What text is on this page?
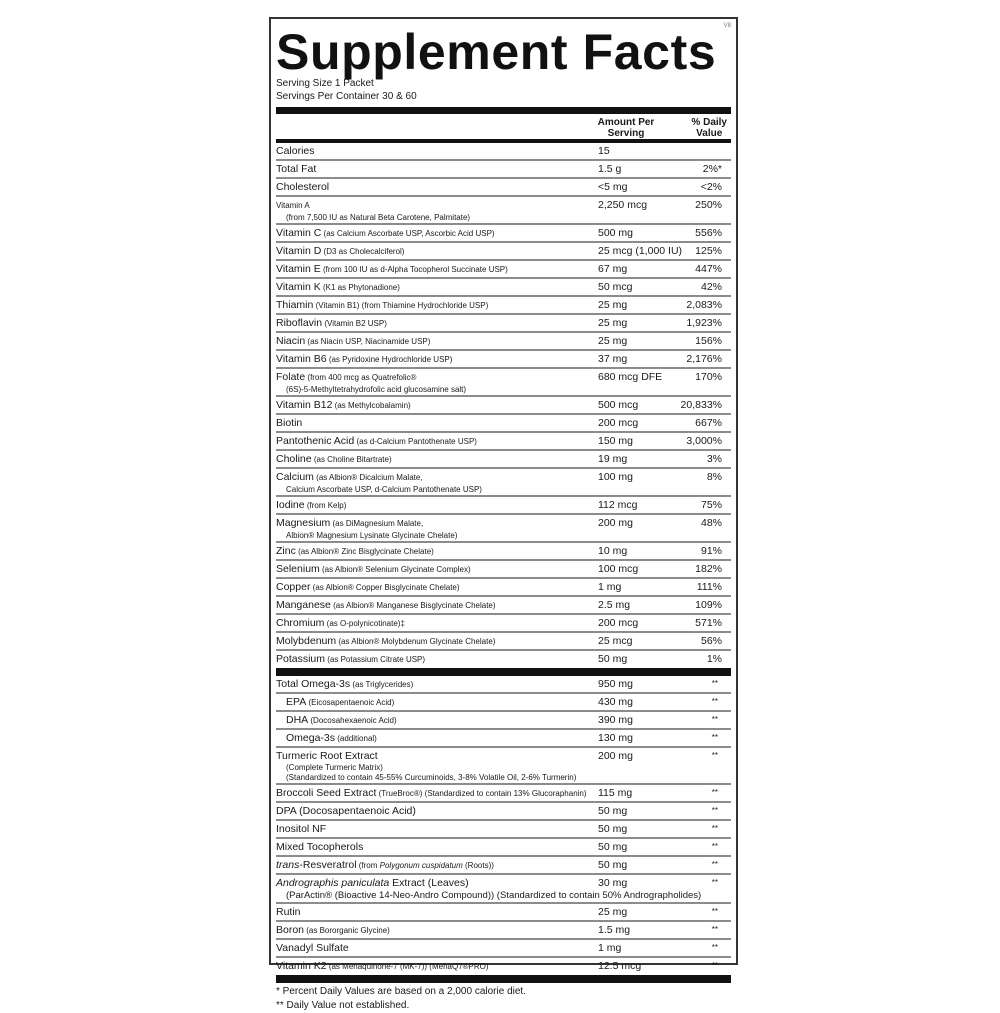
V8
Supplement Facts
Serving Size 1 Packet
Servings Per Container 30 & 60
Amount Per
Serving
% Daily
Value
Calories	15
Total Fat	1.5 g	2%*
Cholesterol	<5 mg	<2%
Vitamin A
(from 7,500 IU as Natural Beta Carotene, Palmitate)
2,250 mcg	250%
Vitamin C (as Calcium Ascorbate USP, Ascorbic Acid USP)	500 mg	556%
Vitamin D (D3 as Cholecalciferol)	25 mcg (1,000 IU) 125%
Vitamin E (from 100 IU as d-Alpha Tocopherol Succinate USP)	67 mg	447%
Vitamin K (K1 as Phytonadione)	50 mcg	42%
Thiamin (Vitamin B1) (from Thiamine Hydrochloride USP)	25 mg	2,083%
Riboflavin (Vitamin B2 USP)	25 mg	1,923%
Niacin (as Niacin USP, Niacinamide USP)	25 mg	156%
Vitamin B6 (as Pyridoxine Hydrochloride USP)	37 mg	2,176%
Folate (from 400 mcg as Quatrefolic®
(6S)-5-Methyltetrahydrofolic acid glucosamine salt)
680 mcg DFE	170%
Vitamin B12 (as Methylcobalamin)	500 mcg	20,833%
Biotin	200 mcg	667%
Pantothenic Acid (as d-Calcium Pantothenate USP)	150 mg	3,000%
Choline (as Choline Bitartrate)	19 mg	3%
Calcium (as Albion® Dicalcium Malate,
Calcium Ascorbate USP, d-Calcium Pantothenate USP)
100 mg	8%
Iodine (from Kelp)	112 mcg	75%
Magnesium (as DiMagnesium Malate,
Albion® Magnesium Lysinate Glycinate Chelate)
200 mg	48%
Zinc (as Albion® Zinc Bisglycinate Chelate)	10 mg	91%
Selenium (as Albion® Selenium Glycinate Complex)	100 mcg	182%
Copper (as Albion® Copper Bisglycinate Chelate)	1 mg	111%
Manganese (as Albion® Manganese Bisglycinate Chelate)	2.5 mg	109%
Chromium (as O-polynicotinate)‡	200 mcg	571%
Molybdenum (as Albion® Molybdenum Glycinate Chelate)	25 mcg	56%
Potassium (as Potassium Citrate USP)	50 mg	1%
Total Omega-3s (as Triglycerides)	950 mg	**
EPA (Eicosapentaenoic Acid)	430 mg	**
DHA (Docosahexaenoic Acid)	390 mg	**
Omega-3s (additional)	130 mg	**
Turmeric Root Extract
(Complete Turmeric Matrix)
(Standardized to contain 45-55% Curcuminoids, 3-8% Volatile Oil, 2-6% Turmerin)
200 mg	**
Broccoli Seed Extract (TrueBroc®) (Standardized to contain 13% Glucoraphanin)	115 mg	**
DPA (Docosapentaenoic Acid)	50 mg	**
Inositol NF	50 mg	**
Mixed Tocopherols	50 mg	**
trans-Resveratrol (from Polygonum cuspidatum (Roots))	50 mg	**
Andrographis paniculata Extract (Leaves)
(ParActin® (Bioactive 14-Neo-Andro Compound)) (Standardized to contain 50% Andrographolides)
30 mg	**
Rutin	25 mg	**
Boron (as Bororganic Glycine)	1.5 mg	**
Vanadyl Sulfate	1 mg	**
Vitamin K2 (as Menaquinone-7 (MK-7)) (MenaQ7®PRO)	12.5 mcg	**
* Percent Daily Values are based on a 2,000 calorie diet.
** Daily Value not established.
